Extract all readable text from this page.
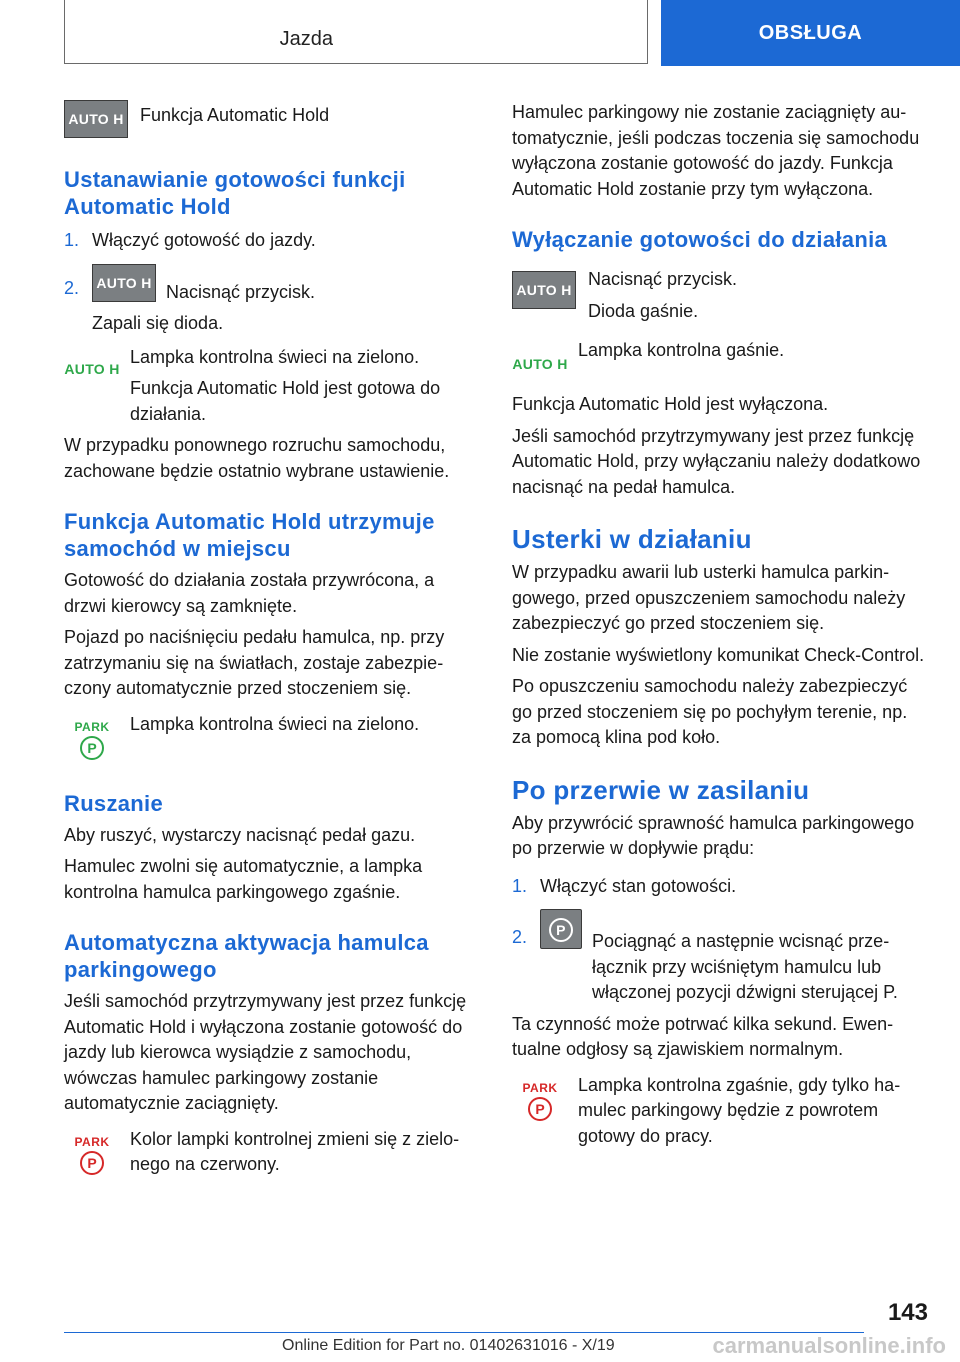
Jazda	OBSŁUGA
AUTO H Funkcja Automatic Hold

Ustanawianie gotowości funkcji Automatic Hold
1. Włączyć gotowość do jazdy.

2.	AUTO H Nacisnąć przycisk.

Zapali się dioda.

AUTO H

Lampka kontrolna świeci na zielono.

Funkcja Automatic Hold jest gotowa do działania.

W przypadku ponownego rozruchu samochodu, zachowane będzie ostatnio wybrane ustawienie.

Funkcja Automatic Hold utrzymuje samochód w miejscu

Gotowość do działania została przywrócona, a drzwi kierowcy są zamknięte.

Pojazd po naciśnięciu pedału hamulca, np. przy zatrzymaniu się na światłach, zostaje zabezpieczony automatycznie przed stoczeniem się.

PARK
P

Lampka kontrolna świeci na zielono.

Ruszanie

Aby ruszyć, wystarczy nacisnąć pedał gazu.

Hamulec zwolni się automatycznie, a lampka kontrolna hamulca parkingowego zgaśnie.

Automatyczna aktywacja hamulca parkingowego

Jeśli samochód przytrzymywany jest przez funkcję Automatic Hold i wyłączona zostanie gotowość do jazdy lub kierowca wysiądzie z samochodu, wówczas hamulec parkingowy zostanie automatycznie zaciągnięty.

PARK
P

Kolor lampki kontrolnej zmieni się z zielonego na czerwony.

Hamulec parkingowy nie zostanie zaciągnięty automatycznie, jeśli podczas toczenia się samochodu wyłączona zostanie gotowość do jazdy. Funkcja Automatic Hold zostanie przy tym wyłączona.

Wyłączanie gotowości do działania
AUTO H

Nacisnąć przycisk.

Dioda gaśnie.

AUTO H

Lampka kontrolna gaśnie.

Funkcja Automatic Hold jest wyłączona.

Jeśli samochód przytrzymywany jest przez funkcję Automatic Hold, przy wyłączaniu należy dodatkowo nacisnąć na pedał hamulca.

Usterki w działaniu

W przypadku awarii lub usterki hamulca parkingowego, przed opuszczeniem samochodu należy zabezpieczyć go przed stoczeniem się.

Nie zostanie wyświetlony komunikat Check-Control.

Po opuszczeniu samochodu należy zabezpieczyć go przed stoczeniem się po pochyłym terenie, np. za pomocą klina pod koło.

Po przerwie w zasilaniu

Aby przywrócić sprawność hamulca parkingowego po przerwie w dopływie prądu:

1. Włączyć stan gotowości.

2.	P

Pociągnąć a następnie wcisnąć przełącznik przy wciśniętym hamulcu lub włączonej pozycji dźwigni sterującej P.

Ta czynność może potrwać kilka sekund. Ewentualne odgłosy są zjawiskiem normalnym.

PARK
P

Lampka kontrolna zgaśnie, gdy tylko hamulec parkingowy będzie z powrotem gotowy do pracy.

143
Online Edition for Part no. 01402631016 - X/19	carmanualsonline.info
